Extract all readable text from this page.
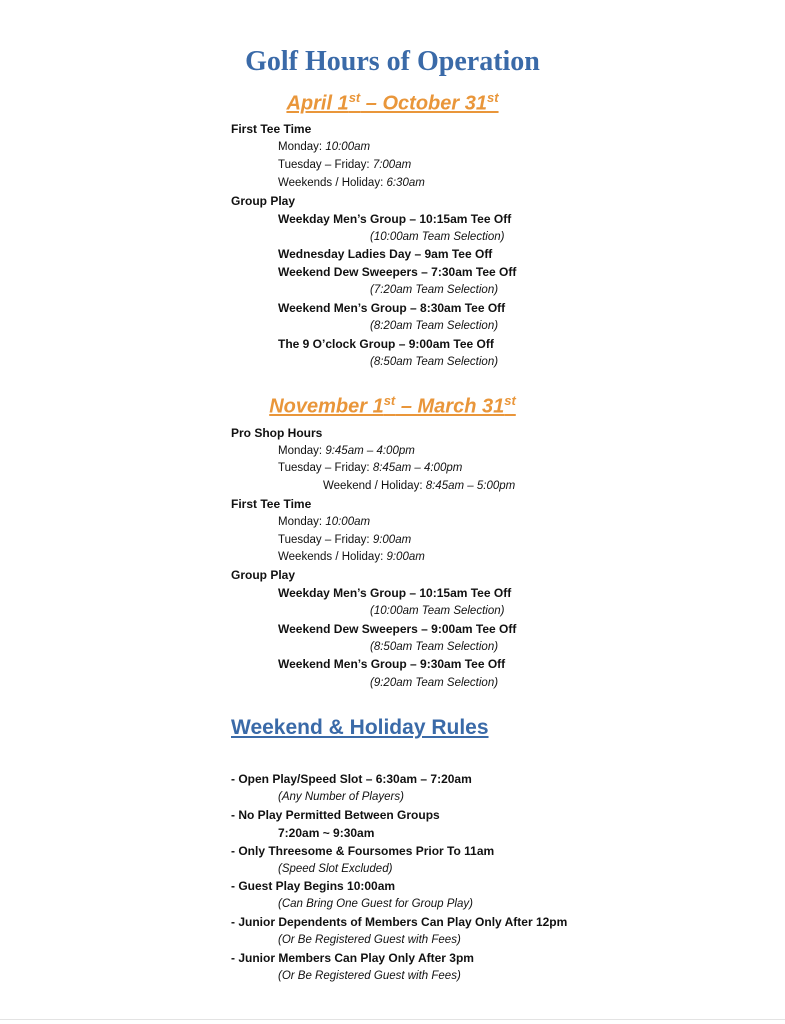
Golf Hours of Operation
April 1st – October 31st
First Tee Time
Monday: 10:00am
Tuesday – Friday: 7:00am
Weekends / Holiday: 6:30am
Group Play
Weekday Men’s Group – 10:15am Tee Off
(10:00am Team Selection)
Wednesday Ladies Day – 9am Tee Off
Weekend Dew Sweepers – 7:30am Tee Off
(7:20am Team Selection)
Weekend Men’s Group – 8:30am Tee Off
(8:20am Team Selection)
The 9 O’clock Group – 9:00am Tee Off
(8:50am Team Selection)
November 1st – March 31st
Pro Shop Hours
Monday: 9:45am – 4:00pm
Tuesday – Friday: 8:45am – 4:00pm
Weekend / Holiday: 8:45am – 5:00pm
First Tee Time
Monday: 10:00am
Tuesday – Friday: 9:00am
Weekends / Holiday: 9:00am
Group Play
Weekday Men’s Group – 10:15am Tee Off
(10:00am Team Selection)
Weekend Dew Sweepers – 9:00am Tee Off
(8:50am Team Selection)
Weekend Men’s Group – 9:30am Tee Off
(9:20am Team Selection)
Weekend & Holiday Rules
- Open Play/Speed Slot – 6:30am – 7:20am
(Any Number of Players)
- No Play Permitted Between Groups
7:20am ~ 9:30am
- Only Threesome & Foursomes Prior To 11am
(Speed Slot Excluded)
- Guest Play Begins 10:00am
(Can Bring One Guest for Group Play)
- Junior Dependents of Members Can Play Only After 12pm
(Or Be Registered Guest with Fees)
- Junior Members Can Play Only After 3pm
(Or Be Registered Guest with Fees)
